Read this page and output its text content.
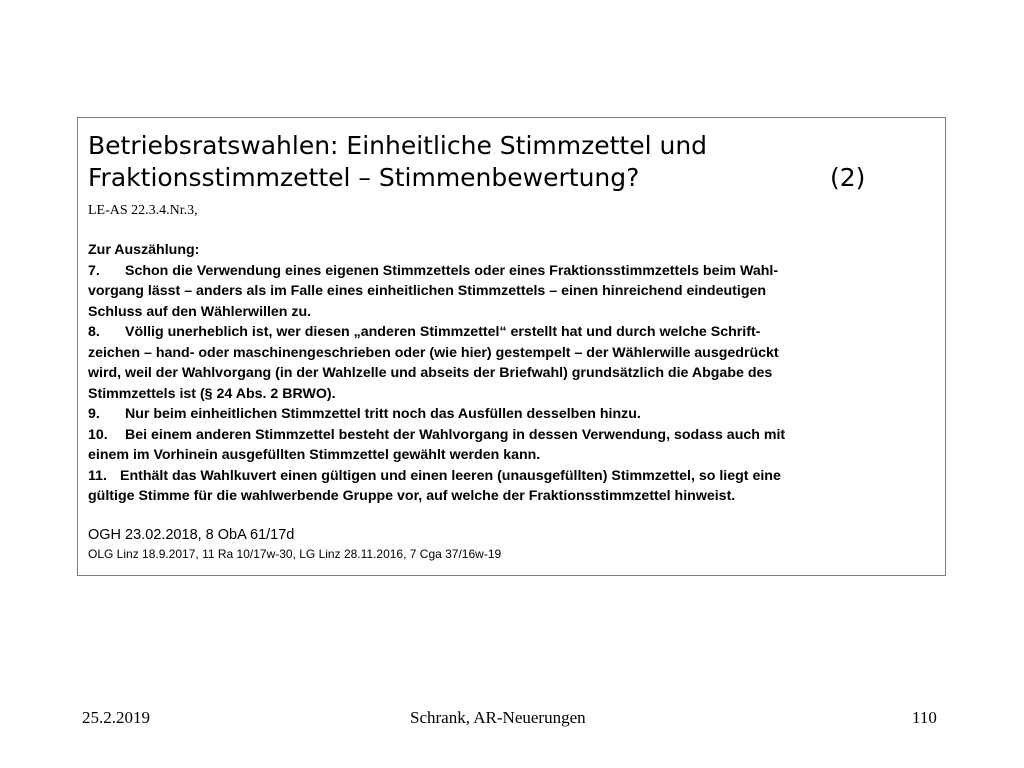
Betriebsratswahlen: Einheitliche Stimmzettel und
Fraktionsstimmzettel – Stimmenbewertung?	(2)
LE-AS 22.3.4.Nr.3,
Zur Auszählung:
7. Schon die Verwendung eines eigenen Stimmzettels oder eines Fraktionsstimmzettels beim Wahl-
vorgang lässt – anders als im Falle eines einheitlichen Stimmzettels – einen hinreichend eindeutigen
Schluss auf den Wählerwillen zu.
8. Völlig unerheblich ist, wer diesen „anderen Stimmzettel“ erstellt hat und durch welche Schrift-
zeichen – hand- oder maschinengeschrieben oder (wie hier) gestempelt – der Wählerwille ausgedrückt
wird, weil der Wahlvorgang (in der Wahlzelle und abseits der Briefwahl) grundsätzlich die Abgabe des
Stimmzettels ist (§ 24 Abs. 2 BRWO).
9. Nur beim einheitlichen Stimmzettel tritt noch das Ausfüllen desselben hinzu.
10. Bei einem anderen Stimmzettel besteht der Wahlvorgang in dessen Verwendung, sodass auch mit
einem im Vorhinein ausgefüllten Stimmzettel gewählt werden kann.
11. Enthält das Wahlkuvert einen gültigen und einen leeren (unausgefüllten) Stimmzettel, so liegt eine
gültige Stimme für die wahlwerbende Gruppe vor, auf welche der Fraktionsstimmzettel hinweist.
OGH 23.02.2018, 8 ObA 61/17d
OLG Linz 18.9.2017, 11 Ra 10/17w-30, LG Linz 28.11.2016, 7 Cga 37/16w-19
25.2.2019	Schrank, AR-Neuerungen	110
